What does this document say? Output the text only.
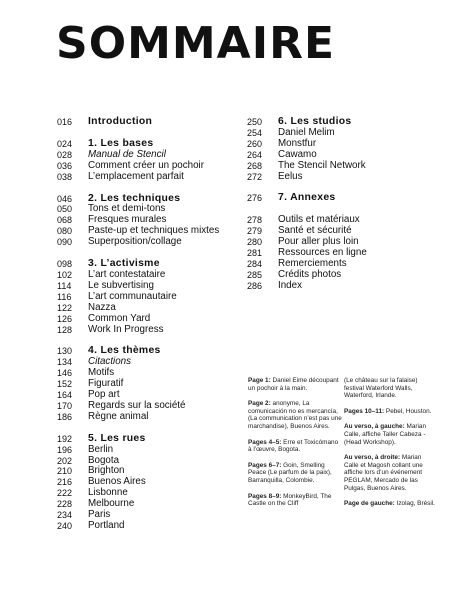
SOMMAIRE
016	Introduction
024	1. Les bases
028	Manual de Stencil
036	Comment créer un pochoir
038	L’emplacement parfait
046	2. Les techniques
050	Tons et demi-tons
068	Fresques murales
080	Paste-up et techniques mixtes
090	Superposition/collage
098	3. L’activisme
102	L’art contestataire
114	Le subvertising
116	L’art communautaire
122	Nazza
126	Common Yard
128	Work In Progress
130	4. Les thèmes
134	Citactions
146	Motifs
152	Figuratif
164	Pop art
170	Regards sur la société
186	Règne animal
192	5. Les rues
196	Berlin
202	Bogota
210	Brighton
216	Buenos Aires
222	Lisbonne
228	Melbourne
234	Paris
240	Portland
250	6. Les studios
254	Daniel Melim
260	Monstfur
264	Cawamo
268	The Stencil Network
272	Eelus
276	7. Annexes
278	Outils et matériaux
279	Santé et sécurité
280	Pour aller plus loin
281	Ressources en ligne
284	Remerciements
285	Crédits photos
286	Index
Page 1: Daniel Eime découpant un pochoir à la main.
Page 2: anonyme, La comunicación no es mercancía, (La communication n’est pas une marchandise), Buenos Aires.
Pages 4–5: Erre et Toxicómano à l’œuvre, Bogota.
Pages 6–7: Goin, Smelling Peace (Le parfum de la paix), Barranquilla, Colombie.
Pages 8–9: MonkeyBird, The Castle on the Cliff
(Le château sur la falaise) festival Waterford Walls, Waterford, Irlande.
Pages 10–11: Pebel, Houston.
Au verso, à gauche: Marian Calle, affiche Taller Cabeza - (Head Workshop).
Au verso, à droite: Marian Calle et Magosh collant une affiche lors d’un événement PEGLAM, Mercado de las Pulgas, Buenos Aires.
Page de gauche: Izolag, Brésil.
